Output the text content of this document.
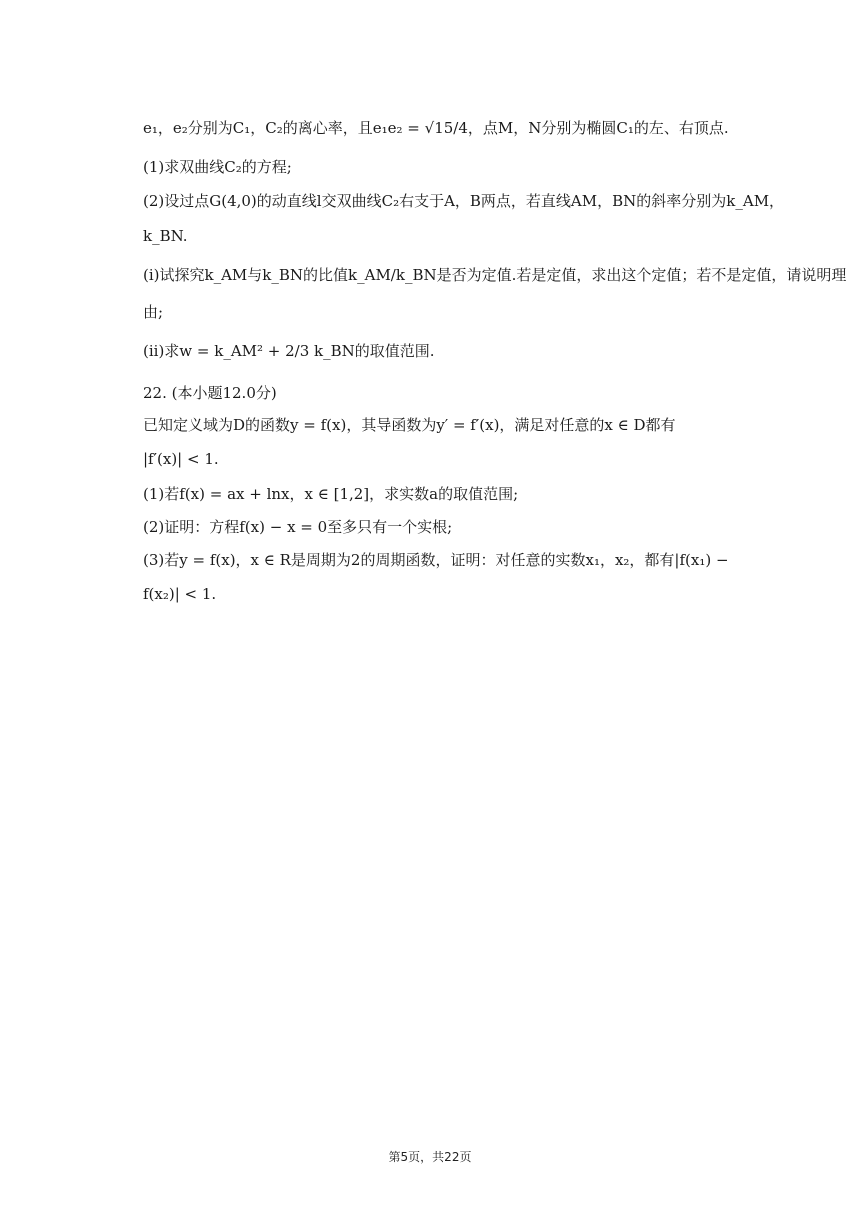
e₁，e₂分别为C₁，C₂的离心率，且e₁e₂ = √15/4，点M，N分别为椭圆C₁的左、右顶点.
(1)求双曲线C₂的方程;
(2)设过点G(4,0)的动直线l交双曲线C₂右支于A，B两点，若直线AM，BN的斜率分别为k_AM，
k_BN.
(i)试探究k_AM与k_BN的比值k_AM/k_BN是否为定值.若是定值，求出这个定值；若不是定值，请说明理
由;
(ii)求w = k_AM² + 2/3 k_BN的取值范围.
22. (本小题12.0分)
已知定义域为D的函数y = f(x)，其导函数为y′ = f′(x)，满足对任意的x ∈ D都有
|f′(x)| < 1.
(1)若f(x) = ax + lnx，x ∈ [1,2]，求实数a的取值范围;
(2)证明：方程f(x) − x = 0至多只有一个实根;
(3)若y = f(x)，x ∈ R是周期为2的周期函数，证明：对任意的实数x₁，x₂，都有|f(x₁) −
f(x₂)| < 1.
第5页，共22页
